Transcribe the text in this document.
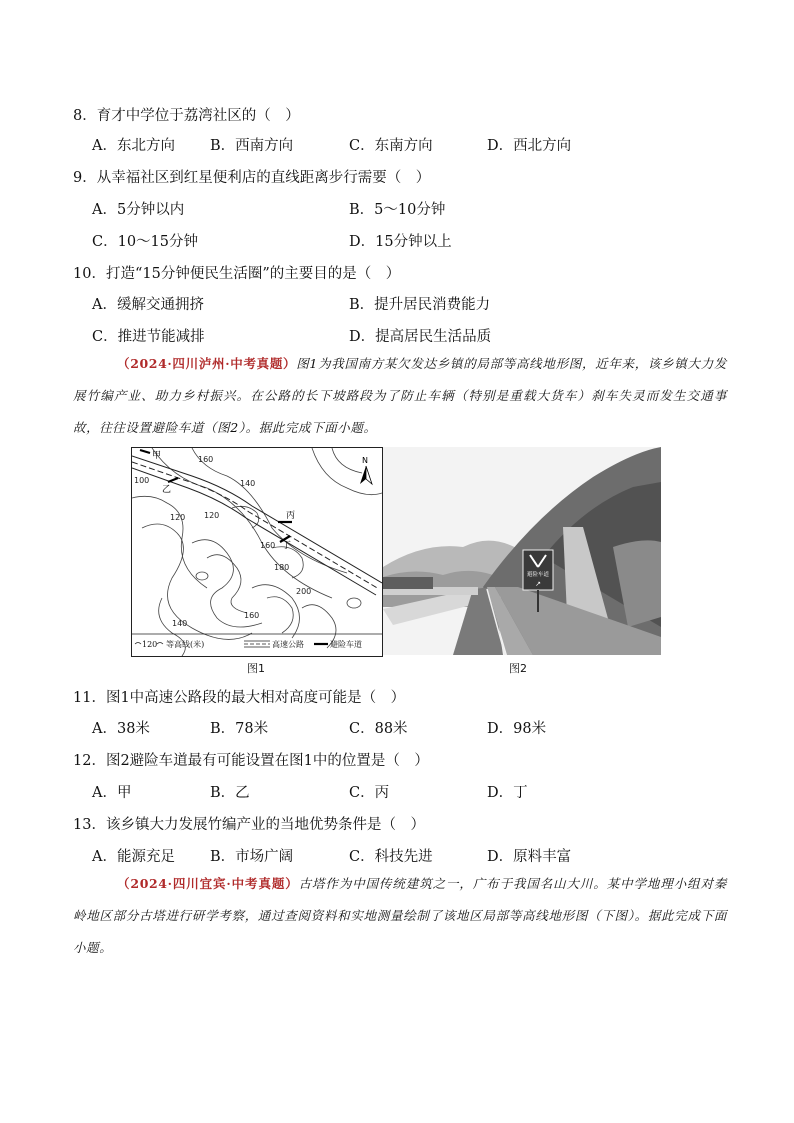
8．育才中学位于荔湾社区的（　）
A．东北方向 B．西南方向	C．东南方向	D．西北方向
9．从幸福社区到红星便利店的直线距离步行需要（　）
A．5分钟以内	B．5～10分钟
C．10～15分钟	D．15分钟以上
10．打造“15分钟便民生活圈”的主要目的是（　）
A．缓解交通拥挤	B．提升居民消费能力
C．推进节能减排	D．提高居民生活品质
（2024·四川泸州·中考真题）图1为我国南方某欠发达乡镇的局部等高线地形图，近年来，该乡镇大力发展竹编产业、助力乡村振兴。在公路的长下坡路段为了防止车辆（特别是重载大货车）刹车失灵而发生交通事故，往往设置避险车道（图2）。据此完成下面小题。
甲
乙
丙
丁
160
140
100
120 120
160
180
200
140
160
N
120 等高线(米)	高速公路	避险车道
图1
避险车道
↗
图2
11．图1中高速公路段的最大相对高度可能是（　）
A．38米	B．78米	C．88米	D．98米
12．图2避险车道最有可能设置在图1中的位置是（　）
A．甲	B．乙	C．丙	D．丁
13．该乡镇大力发展竹编产业的当地优势条件是（　）
A．能源充足 B．市场广阔	C．科技先进	D．原料丰富
（2024·四川宜宾·中考真题）古塔作为中国传统建筑之一，广布于我国名山大川。某中学地理小组对秦岭地区部分古塔进行研学考察，通过查阅资料和实地测量绘制了该地区局部等高线地形图（下图）。据此完成下面小题。
